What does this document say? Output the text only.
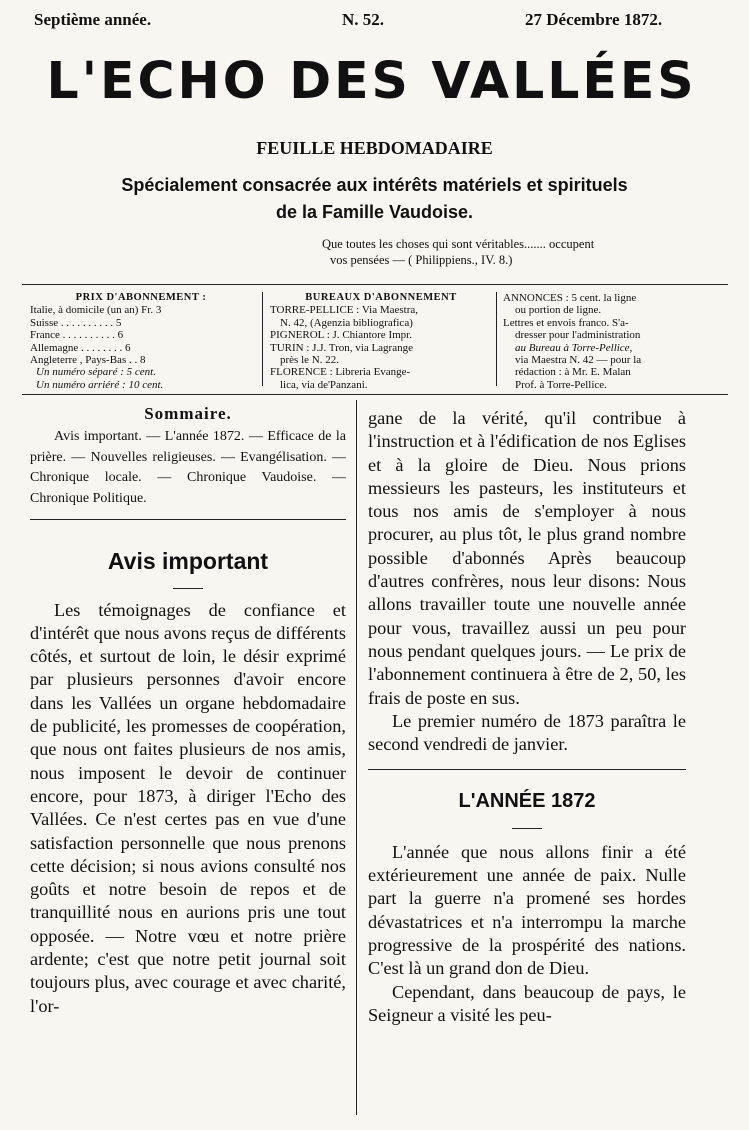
Septième année.	N. 52.	27 Décembre 1872.
L'ECHO DES VALLÉES
FEUILLE HEBDOMADAIRE
Spécialement consacrée aux intérêts matériels et spirituels
de la Famille Vaudoise.
Que toutes les choses qui sont véritables....... occupent
vos pensées — ( Philippiens., IV. 8.)
PRIX D'ABONNEMENT :
Italie, à domicile (un an) Fr. 3
Suisse . . . . . . . . . . 5
France . . . . . . . . . . 6
Allemagne . . . . . . . . 6
Angleterre , Pays-Bas . . 8
Un numéro séparé : 5 cent.
Un numéro arriéré : 10 cent.
BUREAUX D'ABONNEMENT
TORRE-PELLICE : Via Maestra,
N. 42, (Agenzia bibliografica)
PIGNEROL : J. Chiantore Impr.
TURIN : J.J. Tron, via Lagrange
près le N. 22.
FLORENCE : Libreria Evange-
lica, via de'Panzani.
ANNONCES : 5 cent. la ligne
ou portion de ligne.
Lettres et envois franco. S'a-
dresser pour l'administration
au Bureau à Torre-Pellice,
via Maestra N. 42 — pour la
rédaction : à Mr. E. Malan
Prof. à Torre-Pellice.
Sommaire.

Avis important. — L'année 1872. — Efficace de la prière. — Nouvelles religieuses. — Evangélisation. — Chronique locale. — Chronique Vaudoise. — Chronique Politique.

Avis important

Les témoignages de confiance et d'intérêt que nous avons reçus de différents côtés, et surtout de loin, le désir exprimé par plusieurs personnes d'avoir encore dans les Vallées un organe hebdomadaire de publicité, les promesses de coopération, que nous ont faites plusieurs de nos amis, nous imposent le devoir de continuer encore, pour 1873, à diriger l'Echo des Vallées. Ce n'est certes pas en vue d'une satisfaction personnelle que nous prenons cette décision; si nous avions consulté nos goûts et notre besoin de repos et de tranquillité nous en aurions pris une tout opposée. — Notre vœu et notre prière ardente; c'est que notre petit journal soit toujours plus, avec courage et avec charité, l'or-

gane de la vérité, qu'il contribue à l'instruction et à l'édification de nos Eglises et à la gloire de Dieu. Nous prions messieurs les pasteurs, les instituteurs et tous nos amis de s'employer à nous procurer, au plus tôt, le plus grand nombre possible d'abonnés Après beaucoup d'autres confrères, nous leur disons: Nous allons travailler toute une nouvelle année pour vous, travaillez aussi un peu pour nous pendant quelques jours. — Le prix de l'abonnement continuera à être de 2, 50, les frais de poste en sus.

Le premier numéro de 1873 paraîtra le second vendredi de janvier.

L'ANNÉE 1872

L'année que nous allons finir a été extérieurement une année de paix. Nulle part la guerre n'a promené ses hordes dévastatrices et n'a interrompu la marche progressive de la prospérité des nations. C'est là un grand don de Dieu.

Cependant, dans beaucoup de pays, le Seigneur a visité les peu-
